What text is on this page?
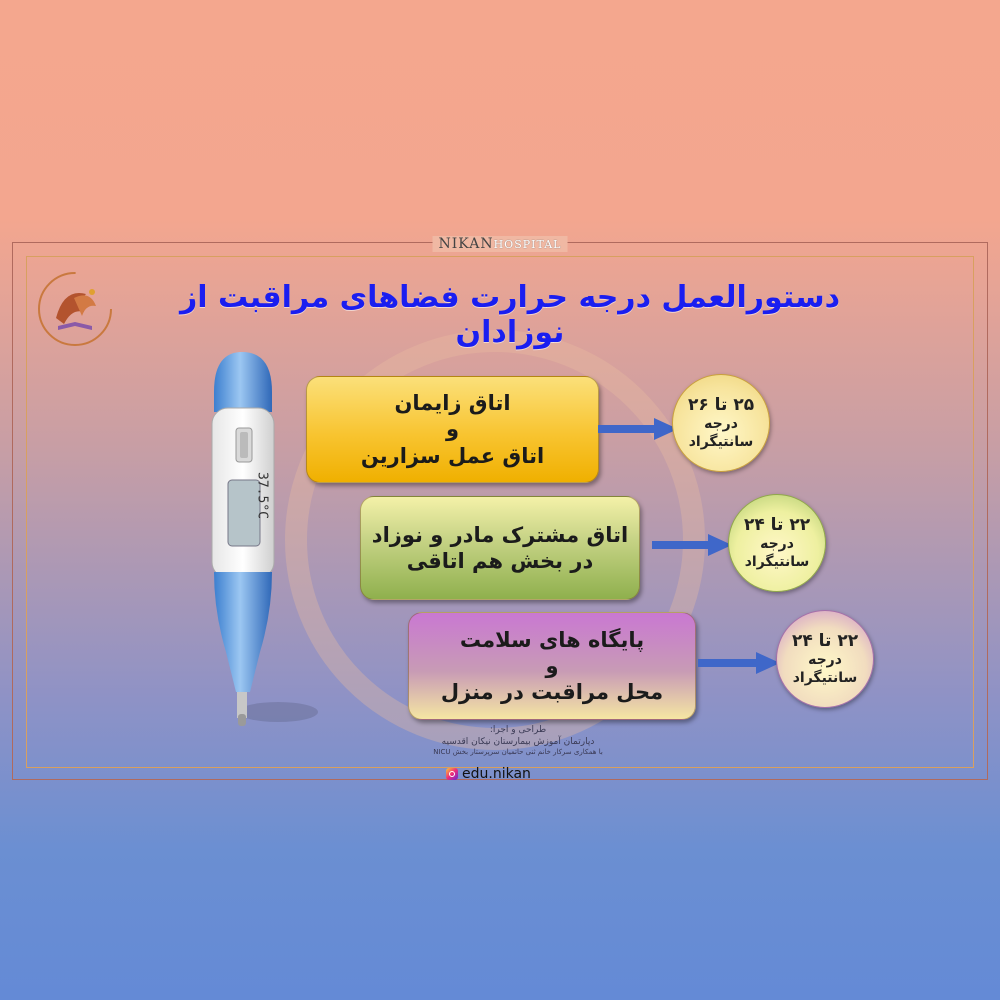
NIKANHOSPITAL
دستورالعمل درجه حرارت فضاهای مراقبت از نوزادان
37.5°C
اتاق زایمان
و
اتاق عمل سزارین
۲۵ تا ۲۶
درجه
سانتیگراد
اتاق مشترک مادر و نوزاد
در بخش هم اتاقی
۲۲ تا ۲۴
درجه
سانتیگراد
پایگاه های سلامت
و
محل مراقبت در منزل
۲۲ تا ۲۴
درجه
سانتیگراد
طراحی و اجرا:
دپارتمان آموزش بیمارستان نیکان اقدسیه
با همکاری سرکار خانم ثنی حاتمیان سرپرستار بخش NICU
edu.nikan
